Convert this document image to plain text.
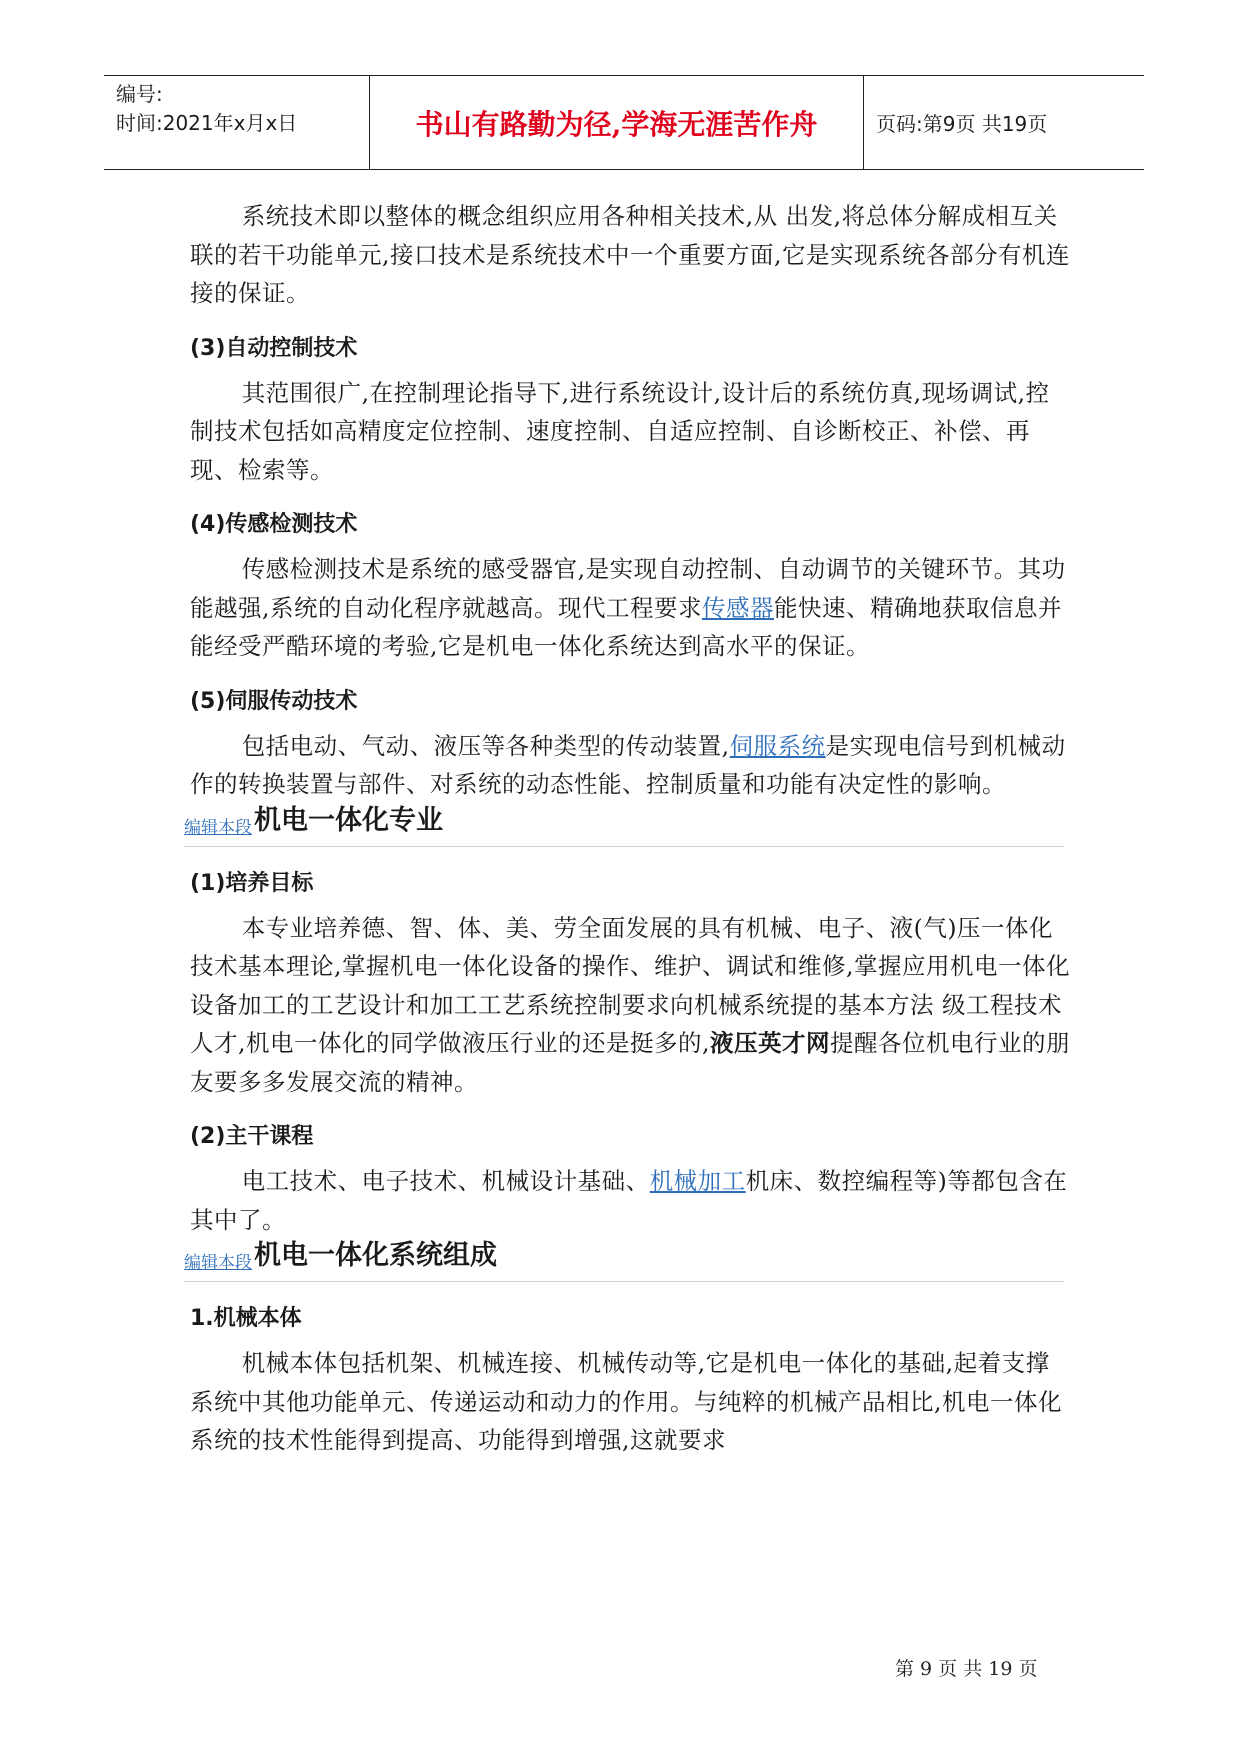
编号:
时间:2021年x月x日	书山有路勤为径,学海无涯苦作舟	页码:第9页 共19页

系统技术即以整体的概念组织应用各种相关技术,从 出发,将总体分解成相互关联的若干功能单元,接口技术是系统技术中一个重要方面,它是实现系统各部分有机连接的保证。

(3)自动控制技术

其范围很广,在控制理论指导下,进行系统设计,设计后的系统仿真,现场调试,控制技术包括如高精度定位控制、速度控制、自适应控制、自诊断校正、补偿、再现、检索等。

(4)传感检测技术

传感检测技术是系统的感受器官,是实现自动控制、自动调节的关键环节。其功能越强,系统的自动化程序就越高。现代工程要求传感器能快速、精确地获取信息并能经受严酷环境的考验,它是机电一体化系统达到高水平的保证。

(5)伺服传动技术

包括电动、气动、液压等各种类型的传动装置,伺服系统是实现电信号到机械动作的转换装置与部件、对系统的动态性能、控制质量和功能有决定性的影响。

编辑本段 机电一体化专业

(1)培养目标

本专业培养德、智、体、美、劳全面发展的具有机械、电子、液(气)压一体化技术基本理论,掌握机电一体化设备的操作、维护、调试和维修,掌握应用机电一体化设备加工的工艺设计和加工工艺系统控制要求向机械系统提的基本方法 级工程技术人才,机电一体化的同学做液压行业的还是挺多的,液压英才网提醒各位机电行业的朋友要多多发展交流的精神。

(2)主干课程

电工技术、电子技术、机械设计基础、机械加工机床、数控编程等)等都包含在其中了。

编辑本段 机电一体化系统组成

1.机械本体

机械本体包括机架、机械连接、机械传动等,它是机电一体化的基础,起着支撑系统中其他功能单元、传递运动和动力的作用。与纯粹的机械产品相比,机电一体化系统的技术性能得到提高、功能得到增强,这就要求

第 9 页 共 19 页
